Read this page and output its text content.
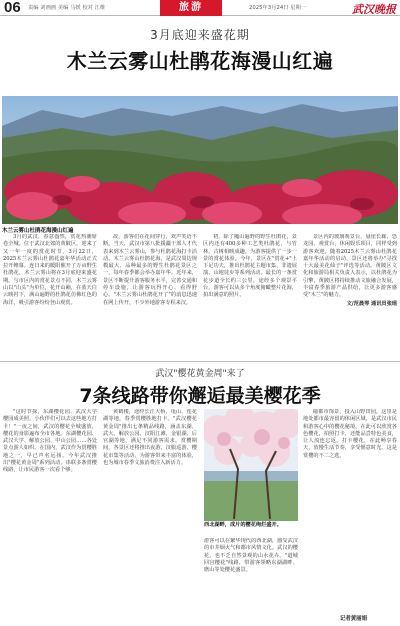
06 责编 刘画画 美编 马媛 校对 江维	旅游	2025年3月24日 星期一	武汉晚报
3月底迎来盛花期
木兰云雾山杜鹃花海漫山红遍
木兰云雾山杜鹃花海漫山红遍

3月的武汉，春意盎然，赏花热潮席卷全城。位于武汉北郊的黄陂区，迎来了又一年一度的赏花时节。3月22日，2025木兰云雾山杜鹃花嘉年华活动正式拉开帷幕。连日来的暖阳催开了万亩野生杜鹃花，木兰云雾山将在3月底迎来盛花期。与市区内的赏花景点不同，木兰云雾山以"山头"为单位，花开山巅，在蓝天白云映衬下，满山遍野的杜鹃花仿佛红色的海洋，吸引游客纷纷登山观赏。

故，游客们在花间穿行，欢声笑语不断。当天，武汉市第八批援疆干部人才代表来到木兰云雾山，参与杜鹃花海打卡活动。木兰云雾山杜鹃花海，是武汉周边规模最大、品种最多的野生杜鹃花景区之一，每年春季都会举办嘉年华。近年来，景区不断提升游客服务水平，完善交通和停车设施，让游客玩得开心、看得舒心。"木兰云雾山杜鹃花开了"的消息迅速在网上传开，不少外地游客专程来汉。

初，除了魔山遍野的野生杜鹃花，景区内还有400多种工艺类杜鹃花，与竹林、古树相映成趣。为游客提供了一步一景的赏花体验。今年，景区在"赏花+"上下足功夫，推出杜鹃花主题市集、非遗展演、山地徒步等系列活动。最长的一条赏花步道全长约三公里，途经多个观景平台，游客可以从多个角度俯瞰整片花海，拍出满意的照片。

景区内的玻璃观景台，悬崖长廊、恐龙园、观赏台，休闲娱乐项目，同样受到游客欢迎。随着2025木兰云雾山杜鹃花嘉年华活动的启动，景区还将举办"寻找十大最美花仙子"评选等活动。黄陂区文化和旅游局相关负责人表示，以杜鹃花为引擎，黄陂区将持续推动文旅融合发展，丰富春季旅游产品供给，让更多游客感受"木兰"的魅力。

文/范晨琴 通讯员张瑶
武汉"樱花黄金周"来了
7条线路带你邂逅最美樱花季

"这时节探，东湖樱花园、武汉大学樱园成美照，小伙伴们可以去这些地方打卡！"一夜之间，武汉的樱花全城盛放，樱花的身影遍布全市各地。东湖樱花园、武汉大学、解放公园、中山公园……各处景点游人如织。在国内，武汉作为赏樱胜地之一，早已声名远扬。今年武汉推出"樱花黄金周"系列活动，串联多条赏樱线路，让市民游客一次看个够。

黄鹤楼，途经长江大桥、龟山、莲花湖等地，春季赏樱胜地打卡。"武汉樱花黄金周"推出七条精品线路，涵盖东湖、武大、解放公园、汉阳江滩、金银湖、后官湖等地，满足不同游客需求。赏樱期间，各景区还将推出夜游、汉服巡游、樱花市集等活动，为游客带来丰富的体验，也为城市春季文旅消费注入新活力。

西北湖畔，成片的樱花绚烂盛开。

游客可以在繁华现代的西北湖，感受武汉的市井烟火气和都市风情文化。武汉的樱花，也不乏自然景观的山水花卉。"道城回宫樱花"线路，带游客领略东湖湖畔、磨山等处樱花盛景。

磁都市饰景，投入山野田园，这里是地处都市最容留的休闲区域，是武汉市民和游客心中的樱花秘境。在此可以欣赏各色樱花，拍照打卡，还能品尝特色美食，让人流连忘返。打卡樱花，在此畅享春天，放慢生活节奏，享受惬意时光。这是赏樱的不二之选。

记者黄丽娟
